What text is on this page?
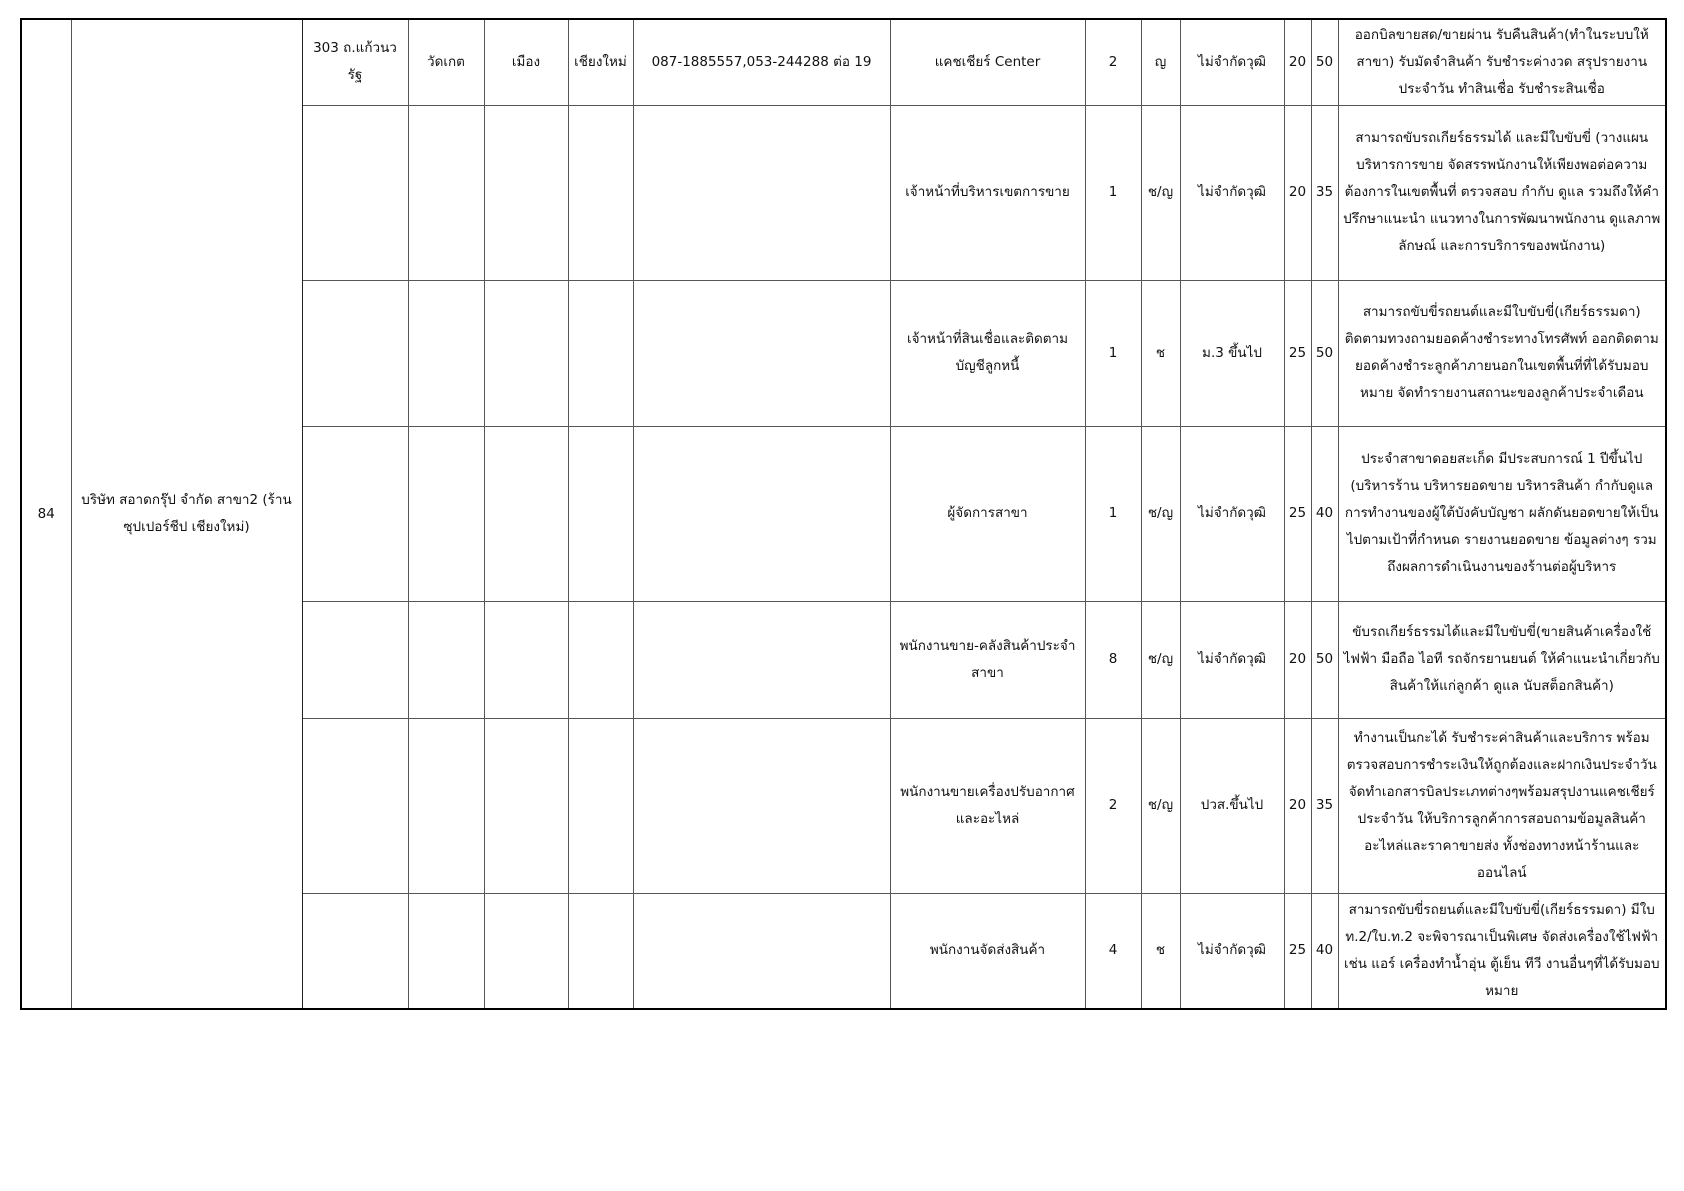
84	บริษัท สอาดกรุ๊ป จำกัด สาขา2 (ร้านซุปเปอร์ชีป เชียงใหม่)	303 ถ.แก้วนวรัฐ	วัดเกต	เมือง	เชียงใหม่	087-1885557,053-244288 ต่อ 19	แคชเชียร์ Center	2	ญ	ไม่จำกัดวุฒิ	20	50	ออกบิลขายสด/ขายผ่าน รับคืนสินค้า(ทำในระบบให้สาขา) รับมัดจำสินค้า รับชำระค่างวด สรุปรายงานประจำวัน ทำสินเชื่อ รับชำระสินเชื่อ
							เจ้าหน้าที่บริหารเขตการขาย	1	ช/ญ	ไม่จำกัดวุฒิ	20	35	สามารถขับรถเกียร์ธรรมได้ และมีใบขับขี่ (วางแผนบริหารการขาย จัดสรรพนักงานให้เพียงพอต่อความต้องการในเขตพื้นที่ ตรวจสอบ กำกับ ดูแล รวมถึงให้คำปรึกษาแนะนำ แนวทางในการพัฒนาพนักงาน ดูแลภาพลักษณ์ และการบริการของพนักงาน)
							เจ้าหน้าที่สินเชื่อและติดตามบัญชีลูกหนี้	1	ช	ม.3 ขึ้นไป	25	50	สามารถขับขี่รถยนต์และมีใบขับขี่(เกียร์ธรรมดา) ติดตามทวงถามยอดค้างชำระทางโทรศัพท์ ออกติดตามยอดค้างชำระลูกค้าภายนอกในเขตพื้นที่ที่ได้รับมอบหมาย จัดทำรายงานสถานะของลูกค้าประจำเดือน
							ผู้จัดการสาขา	1	ช/ญ	ไม่จำกัดวุฒิ	25	40	ประจำสาขาดอยสะเก็ด มีประสบการณ์ 1 ปีขึ้นไป (บริหารร้าน บริหารยอดขาย บริหารสินค้า กำกับดูแลการทำงานของผู้ใต้บังคับบัญชา ผลักดันยอดขายให้เป็นไปตามเป้าที่กำหนด รายงานยอดขาย ข้อมูลต่างๆ รวมถึงผลการดำเนินงานของร้านต่อผู้บริหาร
							พนักงานขาย-คลังสินค้าประจำสาขา	8	ช/ญ	ไม่จำกัดวุฒิ	20	50	ขับรถเกียร์ธรรมได้และมีใบขับขี่(ขายสินค้าเครื่องใช้ไฟฟ้า มือถือ ไอที รถจักรยานยนต์ ให้คำแนะนำเกี่ยวกับสินค้าให้แก่ลูกค้า ดูแล นับสต็อกสินค้า)
							พนักงานขายเครื่องปรับอากาศและอะไหล่	2	ช/ญ	ปวส.ขึ้นไป	20	35	ทำงานเป็นกะได้ รับชำระค่าสินค้าและบริการ พร้อมตรวจสอบการชำระเงินให้ถูกต้องและฝากเงินประจำวัน จัดทำเอกสารบิลประเภทต่างๆพร้อมสรุปงานแคชเชียร์ประจำวัน ให้บริการลูกค้าการสอบถามข้อมูลสินค้า อะไหล่และราคาขายส่ง ทั้งช่องทางหน้าร้านและออนไลน์
							พนักงานจัดส่งสินค้า	4	ช	ไม่จำกัดวุฒิ	25	40	สามารถขับขี่รถยนต์และมีใบขับขี่(เกียร์ธรรมดา) มีใบ ท.2/ใบ.ท.2 จะพิจารณาเป็นพิเศษ จัดส่งเครื่องใช้ไฟฟ้า เช่น แอร์ เครื่องทำน้ำอุ่น ตู้เย็น ทีวี งานอื่นๆที่ได้รับมอบหมาย
